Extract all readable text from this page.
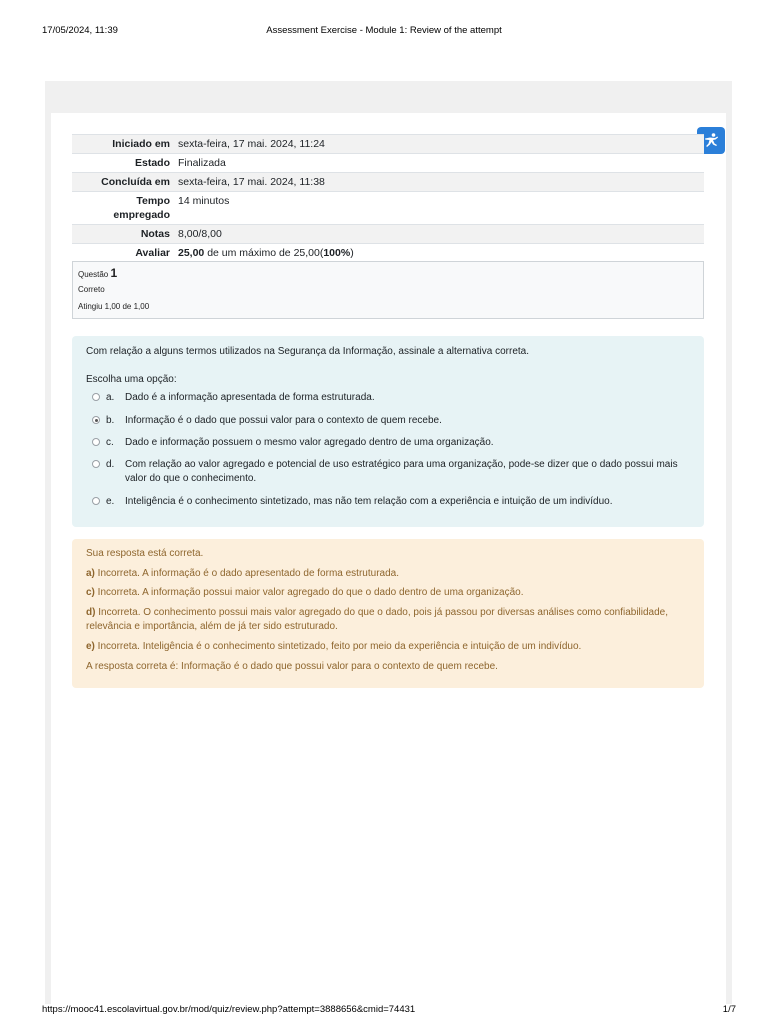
17/05/2024, 11:39	Assessment Exercise - Module 1: Review of the attempt
Iniciado em	sexta-feira, 17 mai. 2024, 11:24
Estado	Finalizada
Concluída em	sexta-feira, 17 mai. 2024, 11:38
Tempo
empregado	14 minutos
Notas	8,00/8,00
Avaliar	25,00 de um máximo de 25,00(100%)
Questão 1
Correto
Atingiu 1,00 de 1,00
Com relação a alguns termos utilizados na Segurança da Informação, assinale a alternativa correta.
Escolha uma opção:
a. Dado é a informação apresentada de forma estruturada.
b. Informação é o dado que possui valor para o contexto de quem recebe.
c. Dado e informação possuem o mesmo valor agregado dentro de uma organização.
d. Com relação ao valor agregado e potencial de uso estratégico para uma organização, pode-se dizer que o dado possui mais valor do que o conhecimento.
e. Inteligência é o conhecimento sintetizado, mas não tem relação com a experiência e intuição de um indivíduo.
Sua resposta está correta.
a) Incorreta. A informação é o dado apresentado de forma estruturada.
c) Incorreta. A informação possui maior valor agregado do que o dado dentro de uma organização.
d) Incorreta. O conhecimento possui mais valor agregado do que o dado, pois já passou por diversas análises como confiabilidade, relevância e importância, além de já ter sido estruturado.
e) Incorreta. Inteligência é o conhecimento sintetizado, feito por meio da experiência e intuição de um indivíduo.
A resposta correta é: Informação é o dado que possui valor para o contexto de quem recebe.
https://mooc41.escolavirtual.gov.br/mod/quiz/review.php?attempt=3888656&cmid=74431	1/7
